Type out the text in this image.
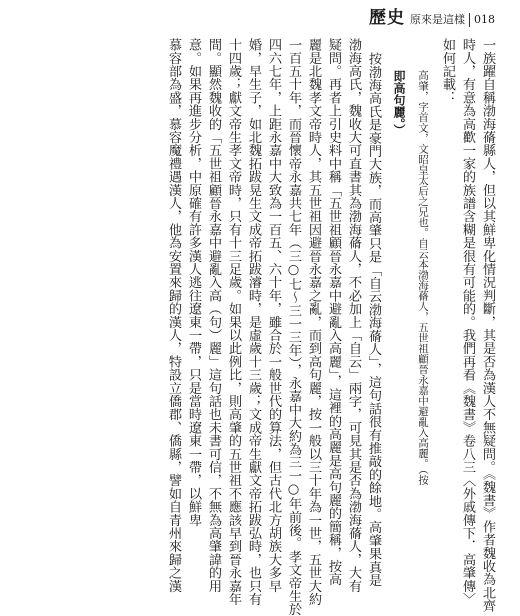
歷史 原來是這樣 018
一族躍自稱渤海蓨縣人，但以其鮮卑化情況判斷，其是否為漢人不無疑問。《魏書》作者魏收為北齊
時人，有意為高歡一家的族譜含糊是很有可能的。我們再看《魏書》卷八三〈外戚傳下．高肇傳〉
如何記載：
高肇，字首文，文昭皇太后之兄也。自云本渤海蓨人，五世祖顧晉永嘉中避亂入高麗。（按
即高句麗。）
按渤海高氏是豪門大族，而高肇只是「自云渤海蓨人」，這句話很有推敲的餘地。高肇果真是
渤海高氏，魏收大可直書其為渤海蓨人，不必加上「自云」兩字，可見其是否為渤海蓨人，大有
疑問。再者上引史料中稱「五世祖顧晉永嘉中避亂入高麗」，這裡的高麗是高句麗的簡稱，按高
麗是北魏孝文帝時人，其五世祖因避晉永嘉之亂，而到高句麗，按一般以三十年為一世，五世大約
一百五十年，而晉懷帝永嘉共七年（三○七～三一三年），永嘉中大約為三一○年前後。孝文帝生於
四六七年，上距永嘉中大致為一百五、六十年，雖合於一般世代的算法，但古代北方胡族大多早
婚，早生子，如北魏拓跋晃生文成帝拓跋濬時，是虛歲十三歲；文成帝生獻文帝拓跋弘時，也只有
十四歲；獻文帝生孝文帝時，只有十三足歲。如果以此例比，則高肇的五世祖不應該早到晉永嘉年
間。顯然魏收的「五世祖顧晉永嘉中避亂入高（句）麗」這句話也未書可信，不無為高肇諱的用
意。如果再進步分析，中原確有許多漢人逃往遼東一帶，只是當時遼東一帶，以鮮卑
慕容部為盛，慕容魔禮遇漢人，他為安置來歸的漢人，特設立僑郡、僑縣，譬如自青州來歸之漢
